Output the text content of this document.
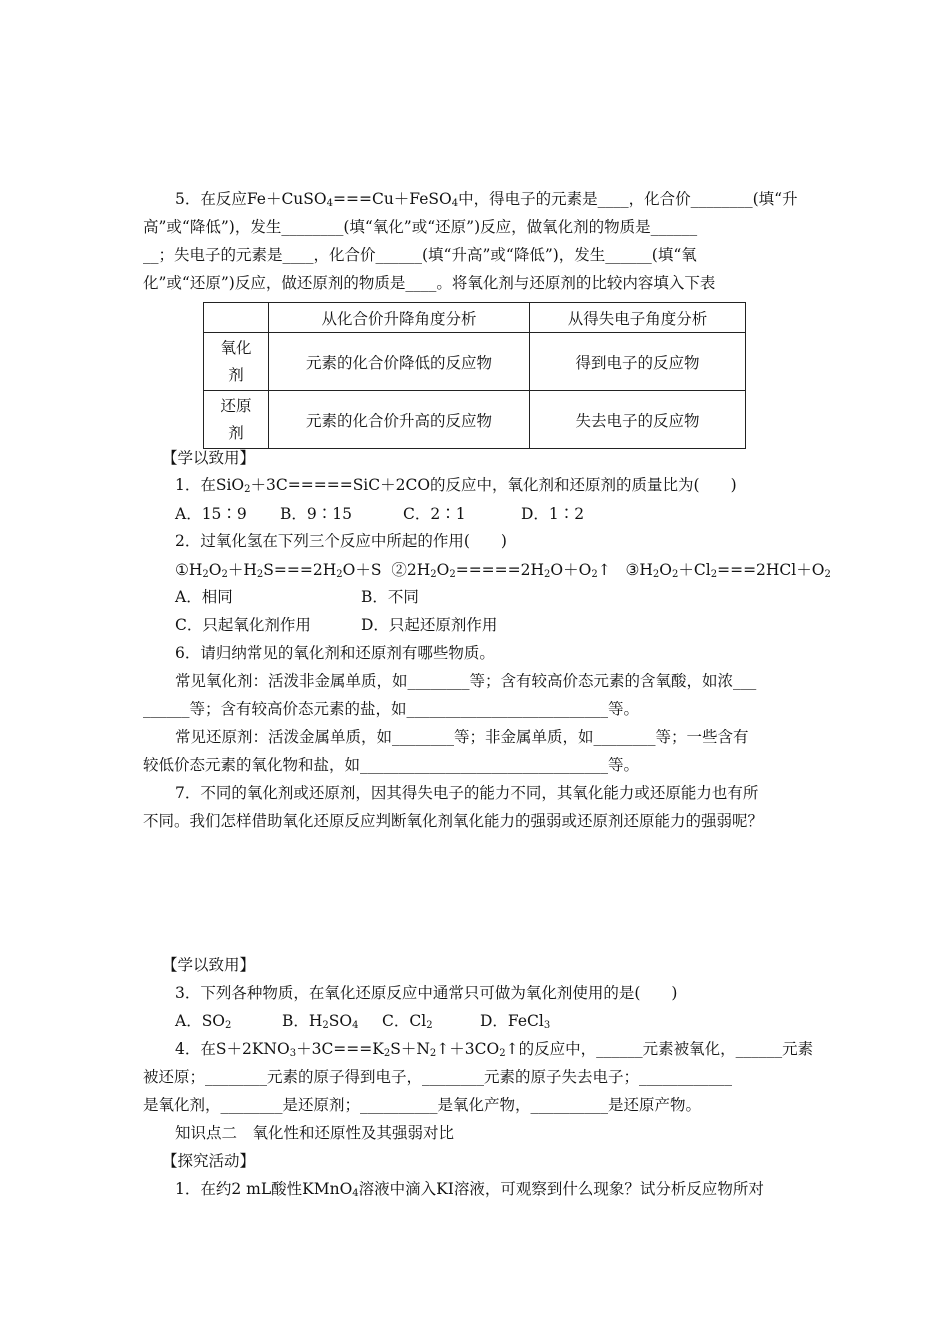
5．在反应Fe＋CuSO$_4$===Cu＋FeSO$_4$中，得电子的元素是____，化合价________(填“升
高”或“降低”)，发生________(填“氧化”或“还原”)反应，做氧化剂的物质是______
__；失电子的元素是____，化合价______(填“升高”或“降低”)，发生______(填“氧
化”或“还原”)反应，做还原剂的物质是____。将氧化剂与还原剂的比较内容填入下表
	从化合价升降角度分析	从得失电子角度分析
氧化
剂	元素的化合价降低的反应物	得到电子的反应物
还原
剂	元素的化合价升高的反应物	失去电子的反应物
【学以致用】
1．在SiO$_2$＋3C=====SiC＋2CO的反应中，氧化剂和还原剂的质量比为(　　)
A．15∶9 B．9∶15	C．2∶1	D．1∶2
2．过氧化氢在下列三个反应中所起的作用(　　)
$①H_2O_2+H_2S===2H_2O+S$ $②2H_2O_2=====2H_2O+O_2↑$ $③H_2O_2+Cl_2===2HCl+O_2$
A．相同	B．不同
C．只起氧化剂作用	D．只起还原剂作用
6．请归纳常见的氧化剂和还原剂有哪些物质。
常见氧化剂：活泼非金属单质，如________等；含有较高价态元素的含氧酸，如浓___
______等；含有较高价态元素的盐，如__________________________等。
常见还原剂：活泼金属单质，如________等；非金属单质，如________等；一些含有
较低价态元素的氧化物和盐，如________________________________等。
7．不同的氧化剂或还原剂，因其得失电子的能力不同，其氧化能力或还原能力也有所
不同。我们怎样借助氧化还原反应判断氧化剂氧化能力的强弱或还原剂还原能力的强弱呢？
【学以致用】
3．下列各种物质，在氧化还原反应中通常只可做为氧化剂使用的是(　　)
A．$SO_2$	B．$H_2SO_4$ C．$Cl_2$	D．FeCl$_3$
4．在$S+2KNO_3+3C===K_2S+N_2↑+3CO_2↑$的反应中，______元素被氧化，______元素
被还原；________元素的原子得到电子，________元素的原子失去电子；____________
是氧化剂，________是还原剂；__________是氧化产物，__________是还原产物。
知识点二　氧化性和还原性及其强弱对比
【探究活动】
1．在约2 mL酸性KMnO$_4$溶液中滴入KI溶液，可观察到什么现象？试分析反应物所对
